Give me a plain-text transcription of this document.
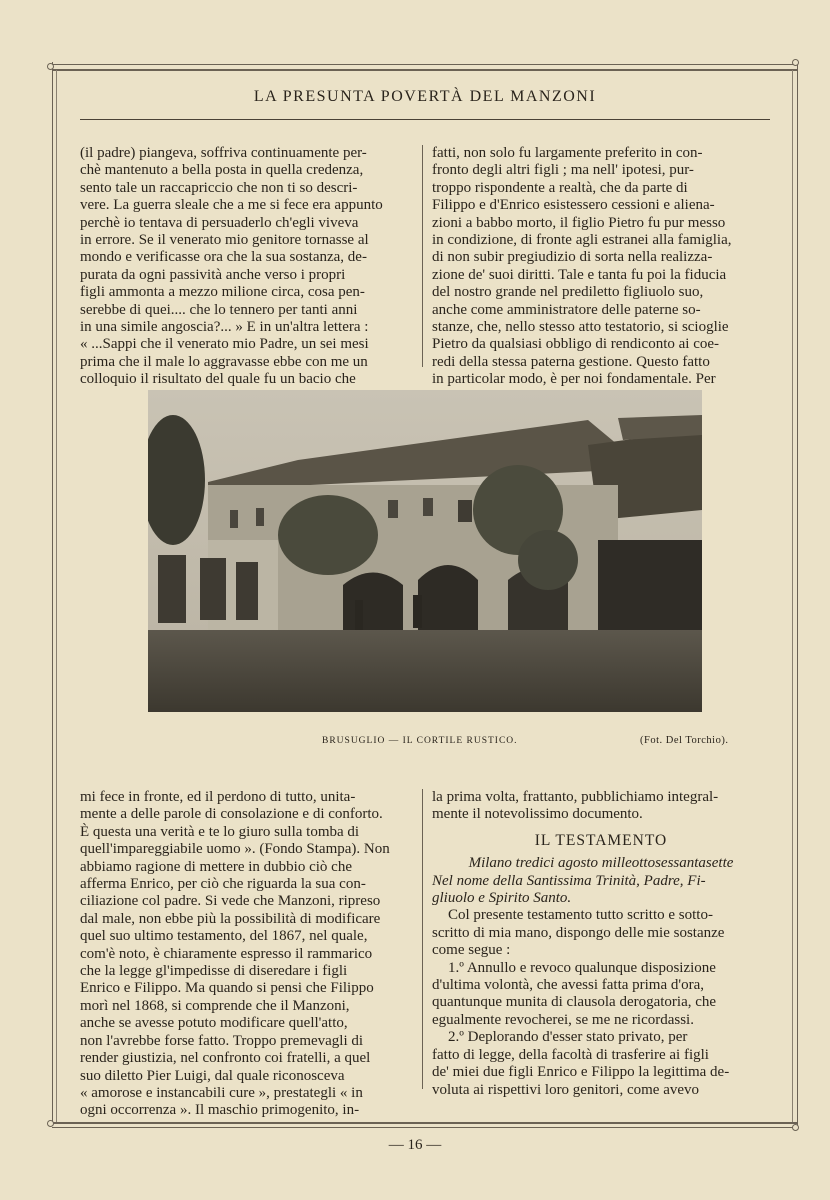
LA PRESUNTA POVERTÀ DEL MANZONI

(il padre) piangeva, soffriva continuamente per-

chè mantenuto a bella posta in quella credenza,

sento tale un raccapriccio che non ti so descri-

vere. La guerra sleale che a me si fece era appunto

perchè io tentava di persuaderlo ch'egli viveva

in errore. Se il venerato mio genitore tornasse al

mondo e verificasse ora che la sua sostanza, de-

purata da ogni passività anche verso i propri

figli ammonta a mezzo milione circa, cosa pen-

serebbe di quei.... che lo tennero per tanti anni

in una simile angoscia?... » E in un'altra lettera :

« ...Sappi che il venerato mio Padre, un sei mesi

prima che il male lo aggravasse ebbe con me un

colloquio il risultato del quale fu un bacio che

fatti, non solo fu largamente preferito in con-

fronto degli altri figli ; ma nell' ipotesi, pur-

troppo rispondente a realtà, che da parte di

Filippo e d'Enrico esistessero cessioni e aliena-

zioni a babbo morto, il figlio Pietro fu pur messo

in condizione, di fronte agli estranei alla famiglia,

di non subir pregiudizio di sorta nella realizza-

zione de' suoi diritti. Tale e tanta fu poi la fiducia

del nostro grande nel prediletto figliuolo suo,

anche come amministratore delle paterne so-

stanze, che, nello stesso atto testatorio, si scioglie

Pietro da qualsiasi obbligo di rendiconto ai coe-

redi della stessa paterna gestione. Questo fatto

in particolar modo, è per noi fondamentale. Per

BRUSUGLIO — IL CORTILE RUSTICO.	(Fot. Del Torchio).

mi fece in fronte, ed il perdono di tutto, unita-

mente a delle parole di consolazione e di conforto.

È questa una verità e te lo giuro sulla tomba di

quell'impareggiabile uomo ». (Fondo Stampa). Non

abbiamo ragione di mettere in dubbio ciò che

afferma Enrico, per ciò che riguarda la sua con-

ciliazione col padre. Si vede che Manzoni, ripreso

dal male, non ebbe più la possibilità di modificare

quel suo ultimo testamento, del 1867, nel quale,

com'è noto, è chiaramente espresso il rammarico

che la legge gl'impedisse di diseredare i figli

Enrico e Filippo. Ma quando si pensi che Filippo

morì nel 1868, si comprende che il Manzoni,

anche se avesse potuto modificare quell'atto,

non l'avrebbe forse fatto. Troppo premevagli di

render giustizia, nel confronto coi fratelli, a quel

suo diletto Pier Luigi, dal quale riconosceva

« amorose e instancabili cure », prestategli « in

ogni occorrenza ». Il maschio primogenito, in-

la prima volta, frattanto, pubblichiamo integral-

mente il notevolissimo documento.

IL TESTAMENTO

Milano tredici agosto milleottosessantasette

Nel nome della Santissima Trinità, Padre, Fi-

gliuolo e Spirito Santo.

Col presente testamento tutto scritto e sotto-

scritto di mia mano, dispongo delle mie sostanze

come segue :

1.º Annullo e revoco qualunque disposizione

d'ultima volontà, che avessi fatta prima d'ora,

quantunque munita di clausola derogatoria, che

egualmente revocherei, se me ne ricordassi.

2.º Deplorando d'esser stato privato, per

fatto di legge, della facoltà di trasferire ai figli

de' miei due figli Enrico e Filippo la legittima de-

voluta ai rispettivi loro genitori, come avevo

— 16 —
